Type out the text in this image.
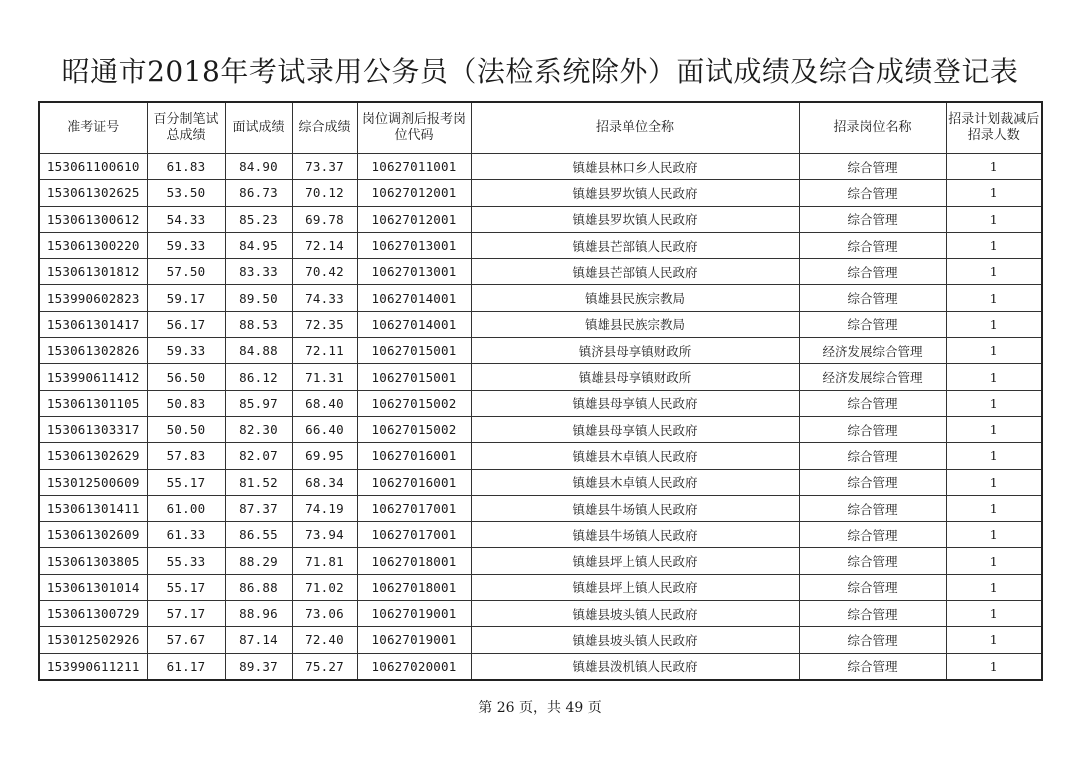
昭通市2018年考试录用公务员（法检系统除外）面试成绩及综合成绩登记表
准考证号	百分制笔试总成绩	面试成绩	综合成绩	岗位调剂后报考岗位代码	招录单位全称	招录岗位名称	招录计划裁减后招录人数
153061100610	61.83	84.90	73.37	10627011001	镇雄县林口乡人民政府	综合管理	1
153061302625	53.50	86.73	70.12	10627012001	镇雄县罗坎镇人民政府	综合管理	1
153061300612	54.33	85.23	69.78	10627012001	镇雄县罗坎镇人民政府	综合管理	1
153061300220	59.33	84.95	72.14	10627013001	镇雄县芒部镇人民政府	综合管理	1
153061301812	57.50	83.33	70.42	10627013001	镇雄县芒部镇人民政府	综合管理	1
153990602823	59.17	89.50	74.33	10627014001	镇雄县民族宗教局	综合管理	1
153061301417	56.17	88.53	72.35	10627014001	镇雄县民族宗教局	综合管理	1
153061302826	59.33	84.88	72.11	10627015001	镇济县母享镇财政所	经济发展综合管理	1
153990611412	56.50	86.12	71.31	10627015001	镇雄县母享镇财政所	经济发展综合管理	1
153061301105	50.83	85.97	68.40	10627015002	镇雄县母享镇人民政府	综合管理	1
153061303317	50.50	82.30	66.40	10627015002	镇雄县母享镇人民政府	综合管理	1
153061302629	57.83	82.07	69.95	10627016001	镇雄县木卓镇人民政府	综合管理	1
153012500609	55.17	81.52	68.34	10627016001	镇雄县木卓镇人民政府	综合管理	1
153061301411	61.00	87.37	74.19	10627017001	镇雄县牛场镇人民政府	综合管理	1
153061302609	61.33	86.55	73.94	10627017001	镇雄县牛场镇人民政府	综合管理	1
153061303805	55.33	88.29	71.81	10627018001	镇雄县坪上镇人民政府	综合管理	1
153061301014	55.17	86.88	71.02	10627018001	镇雄县坪上镇人民政府	综合管理	1
153061300729	57.17	88.96	73.06	10627019001	镇雄县坡头镇人民政府	综合管理	1
153012502926	57.67	87.14	72.40	10627019001	镇雄县坡头镇人民政府	综合管理	1
153990611211	61.17	89.37	75.27	10627020001	镇雄县泼机镇人民政府	综合管理	1
第 26 页，共 49 页
